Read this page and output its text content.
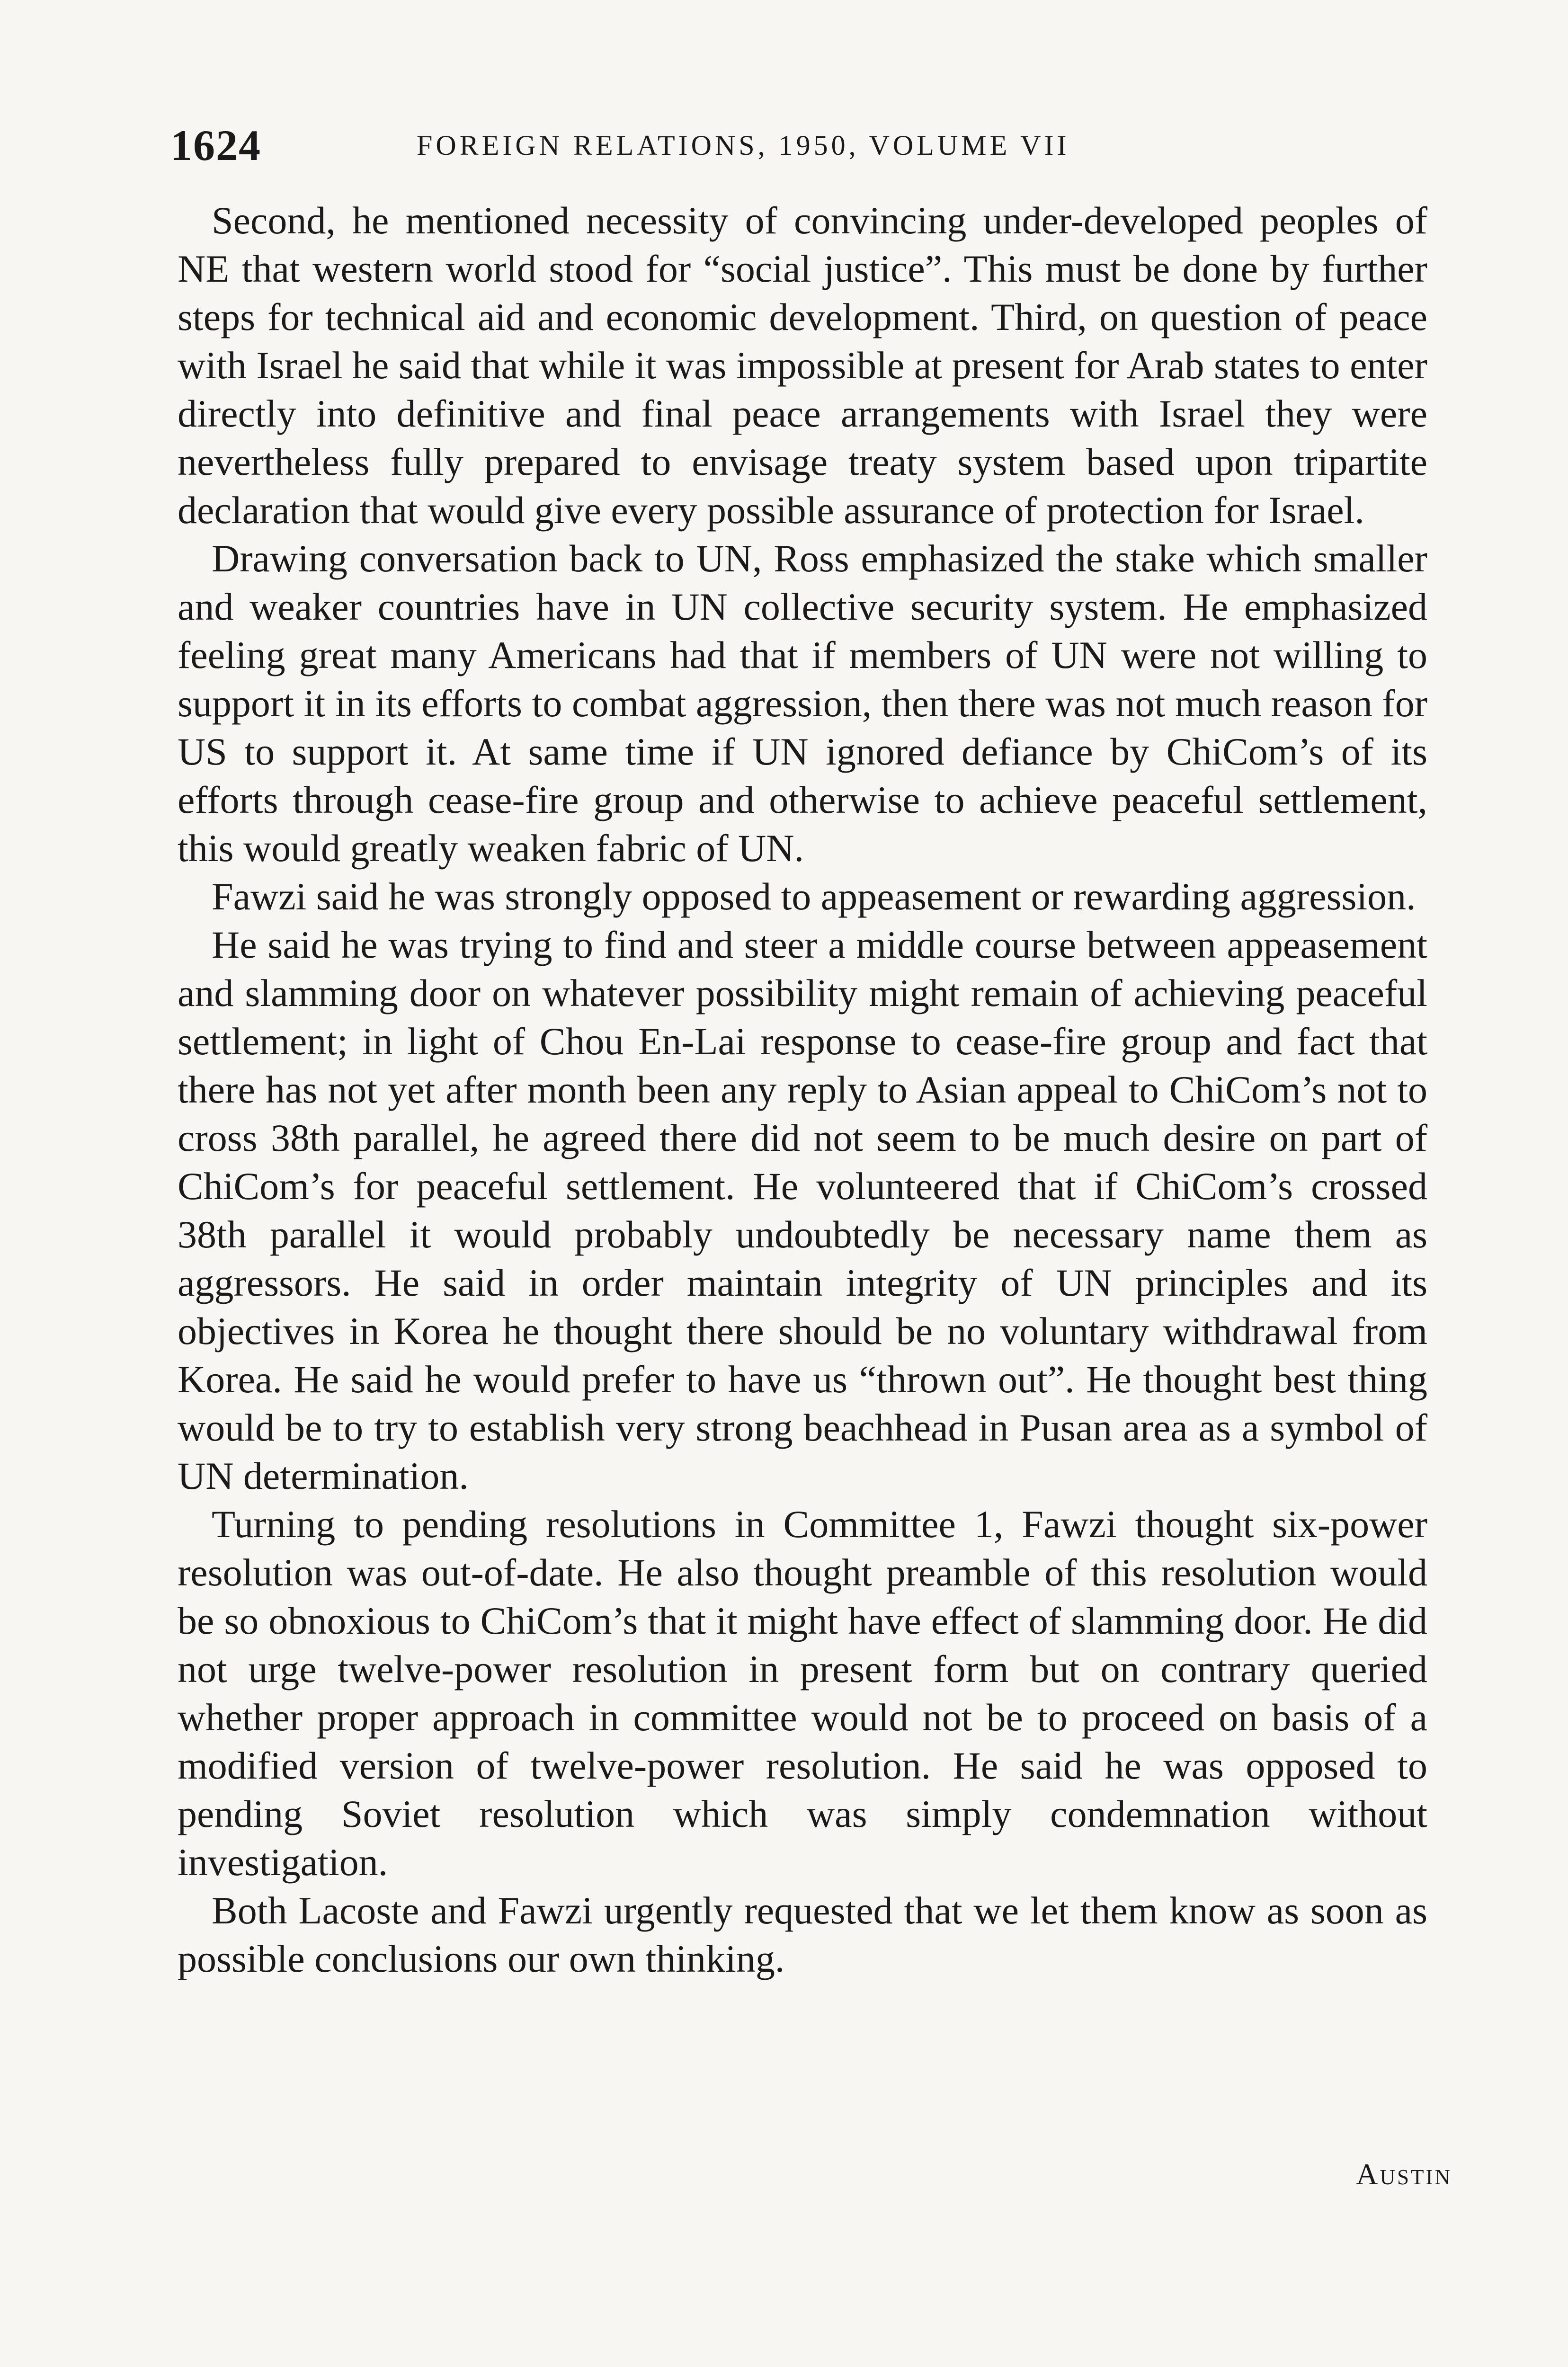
1624	FOREIGN RELATIONS, 1950, VOLUME VII

Second, he mentioned necessity of convincing under-developed peoples of NE that western world stood for “social justice”. This must be done by further steps for technical aid and economic development. Third, on question of peace with Israel he said that while it was impossible at present for Arab states to enter directly into definitive and final peace arrangements with Israel they were nevertheless fully prepared to envisage treaty system based upon tripartite declaration that would give every possible assurance of protection for Israel.

Drawing conversation back to UN, Ross emphasized the stake which smaller and weaker countries have in UN collective security system. He emphasized feeling great many Americans had that if members of UN were not willing to support it in its efforts to combat aggression, then there was not much reason for US to support it. At same time if UN ignored defiance by ChiCom’s of its efforts through cease-fire group and otherwise to achieve peaceful settlement, this would greatly weaken fabric of UN.

Fawzi said he was strongly opposed to appeasement or rewarding aggression.

He said he was trying to find and steer a middle course between appeasement and slamming door on whatever possibility might remain of achieving peaceful settlement; in light of Chou En-Lai response to cease-fire group and fact that there has not yet after month been any reply to Asian appeal to ChiCom’s not to cross 38th parallel, he agreed there did not seem to be much desire on part of ChiCom’s for peaceful settlement. He volunteered that if ChiCom’s crossed 38th parallel it would probably undoubtedly be necessary name them as aggressors. He said in order maintain integrity of UN principles and its objectives in Korea he thought there should be no voluntary withdrawal from Korea. He said he would prefer to have us “thrown out”. He thought best thing would be to try to establish very strong beachhead in Pusan area as a symbol of UN determination.

Turning to pending resolutions in Committee 1, Fawzi thought six-power resolution was out-of-date. He also thought preamble of this resolution would be so obnoxious to ChiCom’s that it might have effect of slamming door. He did not urge twelve-power resolution in present form but on contrary queried whether proper approach in committee would not be to proceed on basis of a modified version of twelve-power resolution. He said he was opposed to pending Soviet resolution which was simply condemnation without investigation.

Both Lacoste and Fawzi urgently requested that we let them know as soon as possible conclusions our own thinking.

Austin
